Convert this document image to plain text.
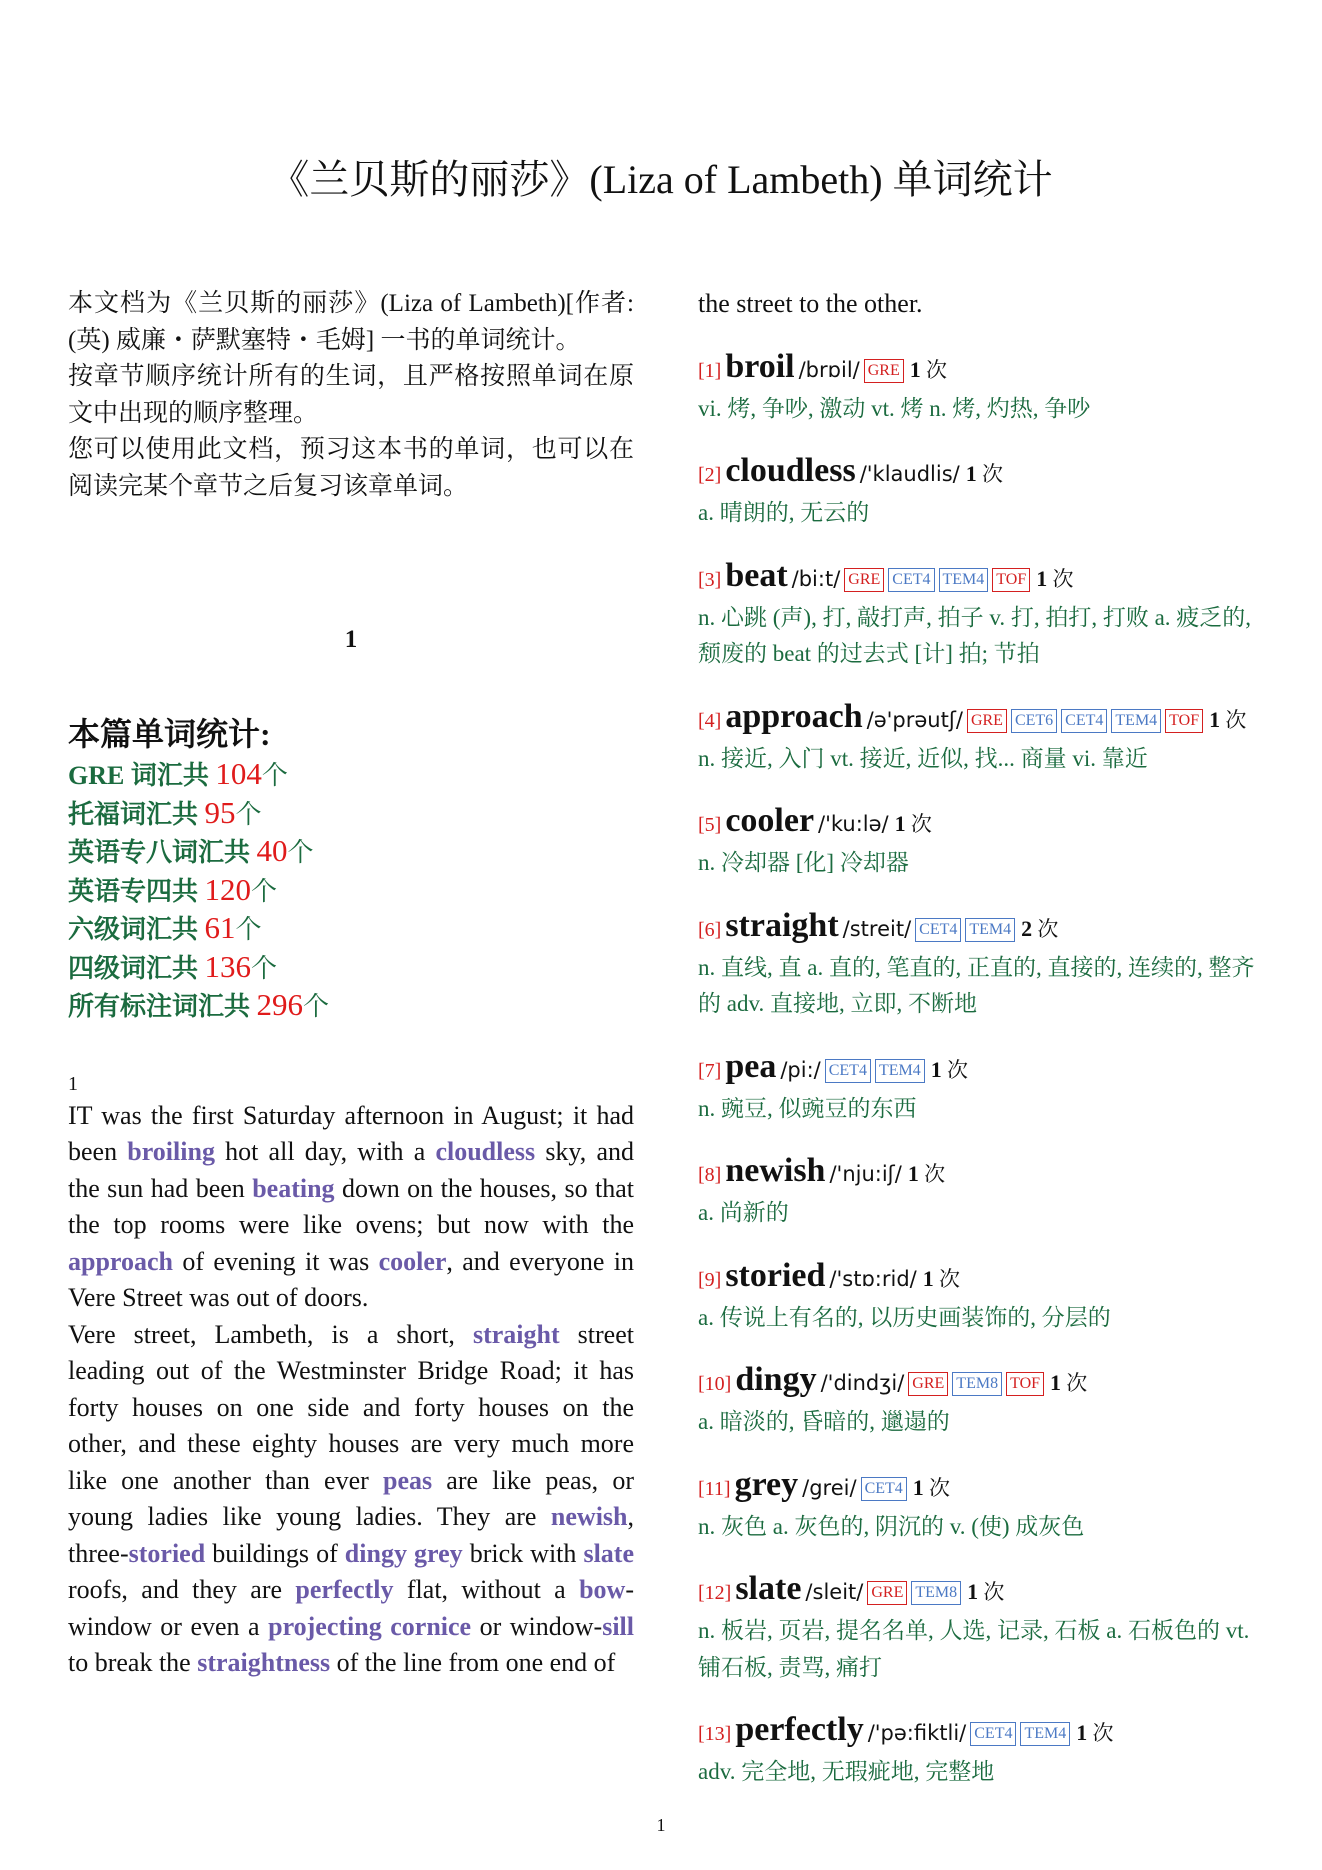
《兰贝斯的丽莎》(Liza of Lambeth) 单词统计

本文档为《兰贝斯的丽莎》(Liza of Lambeth)[作者: (英) 威廉・萨默塞特・毛姆] 一书的单词统计。

按章节顺序统计所有的生词，且严格按照单词在原文中出现的顺序整理。

您可以使用此文档，预习这本书的单词，也可以在阅读完某个章节之后复习该章单词。

1
本篇单词统计:
GRE 词汇共 104个
托福词汇共 95个
英语专八词汇共 40个
英语专四共 120个
六级词汇共 61个
四级词汇共 136个
所有标注词汇共 296个
1

IT was the first Saturday afternoon in August; it had been broiling hot all day, with a cloudless sky, and the sun had been beating down on the houses, so that the top rooms were like ovens; but now with the approach of evening it was cooler, and everyone in Vere Street was out of doors.

Vere street, Lambeth, is a short, straight street leading out of the Westminster Bridge Road; it has forty houses on one side and forty houses on the other, and these eighty houses are very much more like one another than ever peas are like peas, or young ladies like young ladies. They are newish, three-storied buildings of dingy grey brick with slate roofs, and they are perfectly flat, without a bow-window or even a projecting cornice or window-sill to break the straightness of the line from one end of

the street to the other.

[1] broil /brɒil/ GRE 1 次
vi. 烤, 争吵, 激动 vt. 烤 n. 烤, 灼热, 争吵
[2] cloudless /'klaudlis/ 1 次
a. 晴朗的, 无云的
[3] beat /bi:t/ GRE CET4 TEM4 TOF 1 次
n. 心跳 (声), 打, 敲打声, 拍子 v. 打, 拍打, 打败 a. 疲乏的, 颓废的 beat 的过去式 [计] 拍; 节拍
[4] approach /ə'prəutʃ/ GRE CET6 CET4 TEM4 TOF 1 次
n. 接近, 入门 vt. 接近, 近似, 找... 商量 vi. 靠近
[5] cooler /'ku:lə/ 1 次
n. 冷却器 [化] 冷却器
[6] straight /streit/ CET4 TEM4 2 次
n. 直线, 直 a. 直的, 笔直的, 正直的, 直接的, 连续的, 整齐的 adv. 直接地, 立即, 不断地
[7] pea /pi:/ CET4 TEM4 1 次
n. 豌豆, 似豌豆的东西
[8] newish /'nju:iʃ/ 1 次
a. 尚新的
[9] storied /'stɒ:rid/ 1 次
a. 传说上有名的, 以历史画装饰的, 分层的
[10] dingy /'dindʒi/ GRE TEM8 TOF 1 次
a. 暗淡的, 昏暗的, 邋遢的
[11] grey /grei/ CET4 1 次
n. 灰色 a. 灰色的, 阴沉的 v. (使) 成灰色
[12] slate /sleit/ GRE TEM8 1 次
n. 板岩, 页岩, 提名名单, 人选, 记录, 石板 a. 石板色的 vt. 铺石板, 责骂, 痛打
[13] perfectly /'pə:fiktli/ CET4 TEM4 1 次
adv. 完全地, 无瑕疵地, 完整地
1
